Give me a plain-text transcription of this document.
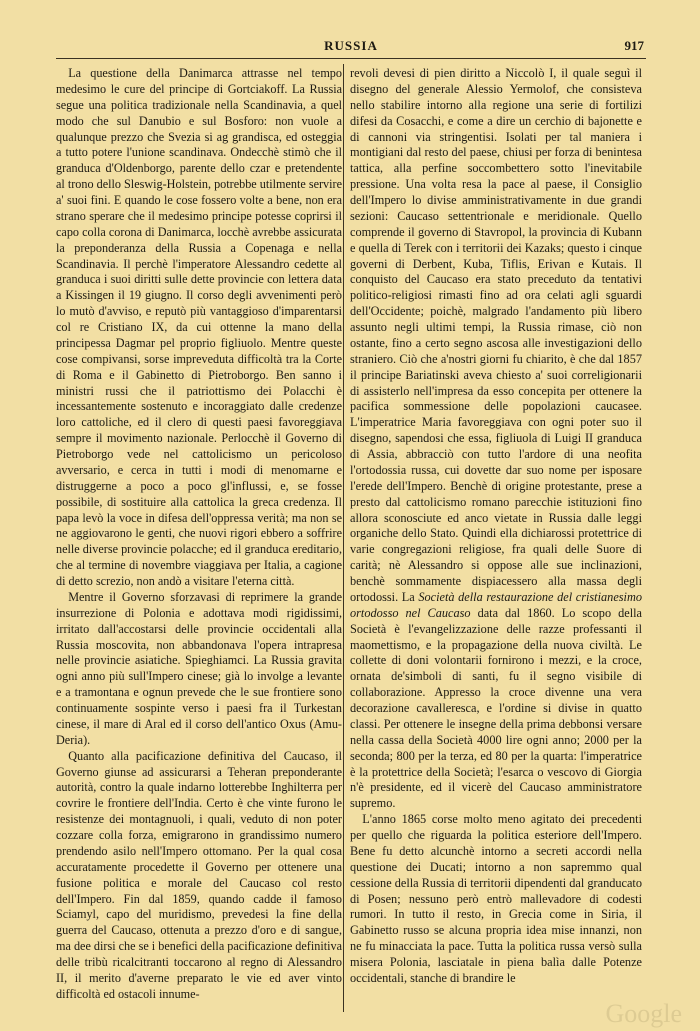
RUSSIA	917

La questione della Danimarca attrasse nel tempo medesimo le cure del principe di Gortciakoff. La Russia segue una politica tradizionale nella Scandinavia, a quel modo che sul Danubio e sul Bosforo: non vuole a qualunque prezzo che Svezia si ag grandisca, ed osteggia a tutto potere l'unione scandinava. Ondecchè stimò che il granduca d'Oldenborgo, parente dello czar e pretendente al trono dello Sleswig-Holstein, potrebbe utilmente servire a' suoi fini. E quando le cose fossero volte a bene, non era strano sperare che il medesimo principe potesse coprirsi il capo colla corona di Danimarca, locchè avrebbe assicurata la preponderanza della Russia a Copenaga e nella Scandinavia. Il perchè l'imperatore Alessandro cedette al granduca i suoi diritti sulle dette provincie con lettera data a Kissingen il 19 giugno. Il corso degli avvenimenti però lo mutò d'avviso, e reputò più vantaggioso d'imparentarsi col re Cristiano IX, da cui ottenne la mano della principessa Dagmar pel proprio figliuolo. Mentre queste cose compivansi, sorse impreveduta difficoltà tra la Corte di Roma e il Gabinetto di Pietroborgo. Ben sanno i ministri russi che il patriottismo dei Polacchi è incessantemente sostenuto e incoraggiato dalle credenze loro cattoliche, ed il clero di questi paesi favoreggiava sempre il movimento nazionale. Perlocchè il Governo di Pietroborgo vede nel cattolicismo un pericoloso avversario, e cerca in tutti i modi di menomarne e distruggerne a poco a poco gl'influssi, e, se fosse possibile, di sostituire alla cattolica la greca credenza. Il papa levò la voce in difesa dell'oppressa verità; ma non se ne aggiovarono le genti, che nuovi rigori ebbero a soffrire nelle diverse provincie polacche; ed il granduca ereditario, che al termine di novembre viaggiava per Italia, a cagione di detto screzio, non andò a visitare l'eterna città.

Mentre il Governo sforzavasi di reprimere la grande insurrezione di Polonia e adottava modi rigidissimi, irritato dall'accostarsi delle provincie occidentali alla Russia moscovita, non abbandonava l'opera intrapresa nelle provincie asiatiche. Spieghiamci. La Russia gravita ogni anno più sull'Impero cinese; già lo involge a levante e a tramontana e ognun prevede che le sue frontiere sono continuamente sospinte verso i paesi fra il Turkestan cinese, il mare di Aral ed il corso dell'antico Oxus (Amu-Deria).

Quanto alla pacificazione definitiva del Caucaso, il Governo giunse ad assicurarsi a Teheran preponderante autorità, contro la quale indarno lotterebbe Inghilterra per covrire le frontiere dell'India. Certo è che vinte furono le resistenze dei montagnuoli, i quali, veduto di non poter cozzare colla forza, emigrarono in grandissimo numero prendendo asilo nell'Impero ottomano. Per la qual cosa accuratamente procedette il Governo per ottenere una fusione politica e morale del Caucaso col resto dell'Impero. Fin dal 1859, quando cadde il famoso Sciamyl, capo del muridismo, prevedesi la fine della guerra del Caucaso, ottenuta a prezzo d'oro e di sangue, ma dee dirsi che se i benefici della pacificazione definitiva delle tribù ricalcitranti toccarono al regno di Alessandro II, il merito d'averne preparato le vie ed aver vinto difficoltà ed ostacoli innume-

revoli devesi di pien diritto a Niccolò I, il quale seguì il disegno del generale Alessio Yermolof, che consisteva nello stabilire intorno alla regione una serie di fortilizi difesi da Cosacchi, e come a dire un cerchio di bajonette e di cannoni via stringentisi. Isolati per tal maniera i montigiani dal resto del paese, chiusi per forza di benintesa tattica, alla perfine soccombettero sotto l'inevitabile pressione. Una volta resa la pace al paese, il Consiglio dell'Impero lo divise amministrativamente in due grandi sezioni: Caucaso settentrionale e meridionale. Quello comprende il governo di Stavropol, la provincia di Kubann e quella di Terek con i territorii dei Kazaks; questo i cinque governi di Derbent, Kuba, Tiflis, Erivan e Kutais. Il conquisto del Caucaso era stato preceduto da tentativi politico-religiosi rimasti fino ad ora celati agli sguardi dell'Occidente; poichè, malgrado l'andamento più libero assunto negli ultimi tempi, la Russia rimase, ciò non ostante, fino a certo segno ascosa alle investigazioni dello straniero. Ciò che a'nostri giorni fu chiarito, è che dal 1857 il principe Bariatinski aveva chiesto a' suoi correligionarii di assisterlo nell'impresa da esso concepita per ottenere la pacifica sommessione delle popolazioni caucasee. L'imperatrice Maria favoreggiava con ogni poter suo il disegno, sapendosi che essa, figliuola di Luigi II granduca di Assia, abbracciò con tutto l'ardore di una neofita l'ortodossia russa, cui dovette dar suo nome per isposare l'erede dell'Impero. Benchè di origine protestante, prese a presto dal cattolicismo romano parecchie istituzioni fino allora sconosciute ed anco vietate in Russia dalle leggi organiche dello Stato. Quindi ella dichiarossi protettrice di varie congregazioni religiose, fra quali delle Suore di carità; nè Alessandro si oppose alle sue inclinazioni, benchè sommamente dispiacessero alla massa degli ortodossi. La Società della restaurazione del cristianesimo ortodosso nel Caucaso data dal 1860. Lo scopo della Società è l'evangelizzazione delle razze professanti il maomettismo, e la propagazione della nuova civiltà. Le collette di doni volontarii fornirono i mezzi, e la croce, ornata de'simboli di santi, fu il segno visibile di collaborazione. Appresso la croce divenne una vera decorazione cavalleresca, e l'ordine si divise in quatto classi. Per ottenere le insegne della prima debbonsi versare nella cassa della Società 4000 lire ogni anno; 2000 per la seconda; 800 per la terza, ed 80 per la quarta: l'imperatrice è la protettrice della Società; l'esarca o vescovo di Giorgia n'è presidente, ed il vicerè del Caucaso amministratore supremo.

L'anno 1865 corse molto meno agitato dei precedenti per quello che riguarda la politica esteriore dell'Impero. Bene fu detto alcunchè intorno a secreti accordi nella questione dei Ducati; intorno a non sapremmo qual cessione della Russia di territorii dipendenti dal granducato di Posen; nessuno però entrò mallevadore di codesti rumori. In tutto il resto, in Grecia come in Siria, il Gabinetto russo se alcuna propria idea mise innanzi, non ne fu minacciata la pace. Tutta la politica russa versò sulla misera Polonia, lasciatale in piena balìa dalle Potenze occidentali, stanche di brandire le

Google
